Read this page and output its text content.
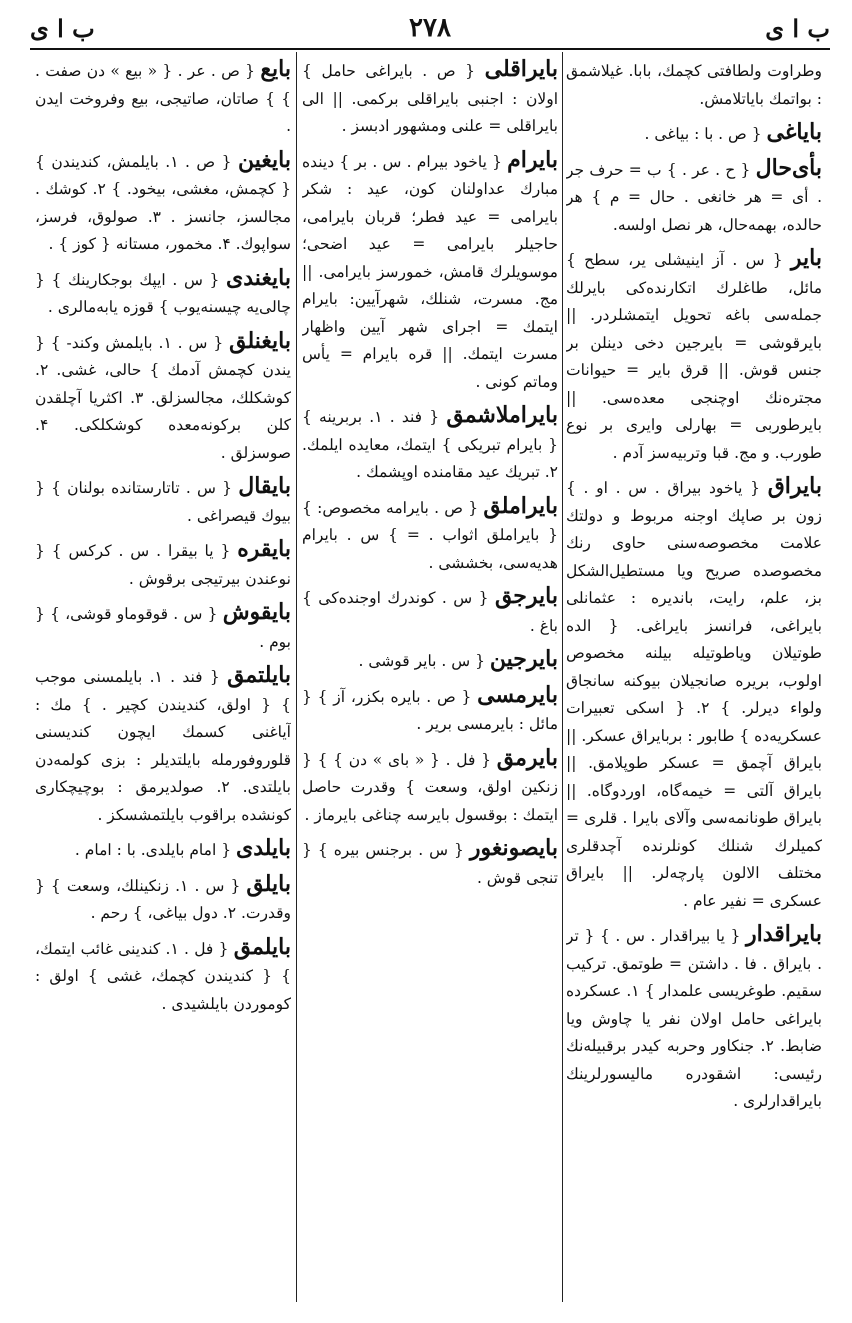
ب ا ی
۲۷۸
ب ا ی
وطراوت ولطافتی کچمك، بابا. غیلاشمق : بواتمك بایاتلامش.
بایاغی { ص . با : بیاغی .
بأی‌حال { ح . عر . } ب = حرف جر . أی = هر خانغی . حال = م } هر حالده، بهمه‌حال، هر نصل اولسه.
بایر { س . آز اینیشلی یر، سطح } مائل، طاغلرك اتكارنده‌كی بایرلك جمله‌سی باغه تحویل ایتمشلردر. || بایرقوشی = بایرجین دخی دینلن بر جنس قوش. || قرق بایر = حیوانات مجتره‌نك اوچنجی معده‌سی. || بایرطوربی = بهارلی وایری بر نوع طورب. و مج. قبا وتربیه‌سز آدم .
بایراق { یاخود بیراق . س . او . } زون بر صاپك اوجنه مربوط و دولتك علامت مخصوصه‌سنی حاوی رنك مخصوصده صریح ویا مستطیل‌الشكل بز، علم، رایت، باندیره : عثمانلی بایراغی، فرانسز بایراغی. { الده طوتیلان ویاطوتیله بیلنه مخصوص اولوب، بریره صانجیلان بیوكنه سانجاق ولواء دیرلر. } ۲. { اسكی تعبیرات عسكریه‌ده } طابور : بربایراق عسكر. || بایراق آچمق = عسكر طوپلامق. || بایراق آلتی = خیمه‌گاه، اوردوگاه. || بایراق طونانمه‌سی وآلای بایرا . قلری = كمیلرك شنلك كونلرنده آچدقلری مختلف الالون پارچه‌لر. || بایراق عسكری = نفیر عام .
بایراقدار { یا بیراقدار . س . } { تر . بایراق . فا . داشتن = طوتمق. تركیب سقیم. طوغریسی علمدار } ۱. عسكرده بایراغی حامل اولان نفر یا چاوش ویا ضابط. ۲. جنكاور وحربه كیدر برقبیله‌نك رئیسی: اشقودره مالیسورلرینك بایراقدارلری .
بایراقلی { ص . بایراغی حامل } اولان : اجنبی بایراقلی بركمی. || الی بایراقلی = علنی ومشهور ادبسز .
بایرام { یاخود بیرام . س . بر } دینده مبارك عداولنان كون، عید : شكر بایرامی = عید فطر؛ قربان بایرامی، حاجیلر بایرامی = عید اضحی؛ موسویلرك قامش، خمورسز بایرامی. || مج. مسرت، شنلك، شهرآیین: بایرام ایتمك = اجرای شهر آیین واظهار مسرت ایتمك. || قره بایرام = یأس وماتم كونی .
بایراملاشمق { فند . ۱. بربرینه } { بایرام تبریكی } ایتمك، معایده ایلمك. ۲. تبریك عید مقامنده اوپشمك .
بایراملق { ص . بایرامه مخصوص: } { بایراملق اثواب . = } س . بایرام هدیه‌سی، بخششی .
بایرجق { س . كوندرك اوجنده‌كی } باغ .
بایرجین { س . بایر قوشی .
بایرمسی { ص . بایره بكزر، آز } { مائل : بایرمسی بریر .
بایرمق { فل . { « بای » دن } } { زنكین اولق، وسعت } وقدرت حاصل ایتمك : بوقسول بایرسه چناغی بایرماز .
بایصونغور { س . برجنس بیره } { تنجی قوش .
بایع { ص . عر . { « بیع » دن صفت . } } صاتان، صاتیجی، بیع وفروخت ایدن .
بایغین { ص . ۱. بایلمش، كندیندن } { كچمش، مغشی، بیخود. } ۲. كوشك . مجالسز، جانسز . ۳. صولوق، فرسز، سواپوك. ۴. مخمور، مستانه { كوز } .
بایغندی { س . ایپك بوجكارینك } { چالی‌یه چیسنه‌یوب } قوزه یابه‌مالری .
بایغنلق { س . ۱. بایلمش وكند- } { یندن كچمش آدمك } حالی، غشی. ۲. كوشكلك، مجالسزلق. ۳. اكثریا آچلقدن كلن بركونه‌معده كوشكلكی. ۴. صوسزلق .
بایقال { س . تاتارستانده بولنان } { بیوك قیصراغی .
بایقره { یا بیقرا . س . كركس } { نوعندن بیرتیجی برقوش .
بایقوش { س . قوقوماو قوشی، } { بوم .
بایلتمق { فند . ۱. بایلمسنی موجب } { اولق، كندیندن كچیر . } مك : آیاغنی كسمك ایچون كندیسنی قلوروفورمله بایلتدیلر : بزی كولمه‌دن بایلتدی. ۲. صولدیرمق : بوچیچكاری كونشده براقوب بایلتمشسكز .
بایلدی { امام بایلدی. با : امام .
بایلق { س . ۱. زنكینلك، وسعت } { وقدرت. ۲. دول بیاغی، } رحم .
بایلمق { فل . ۱. كندینی غائب ایتمك، } { كندیندن كچمك، غشی } اولق : كوموردن بایلشیدی .
